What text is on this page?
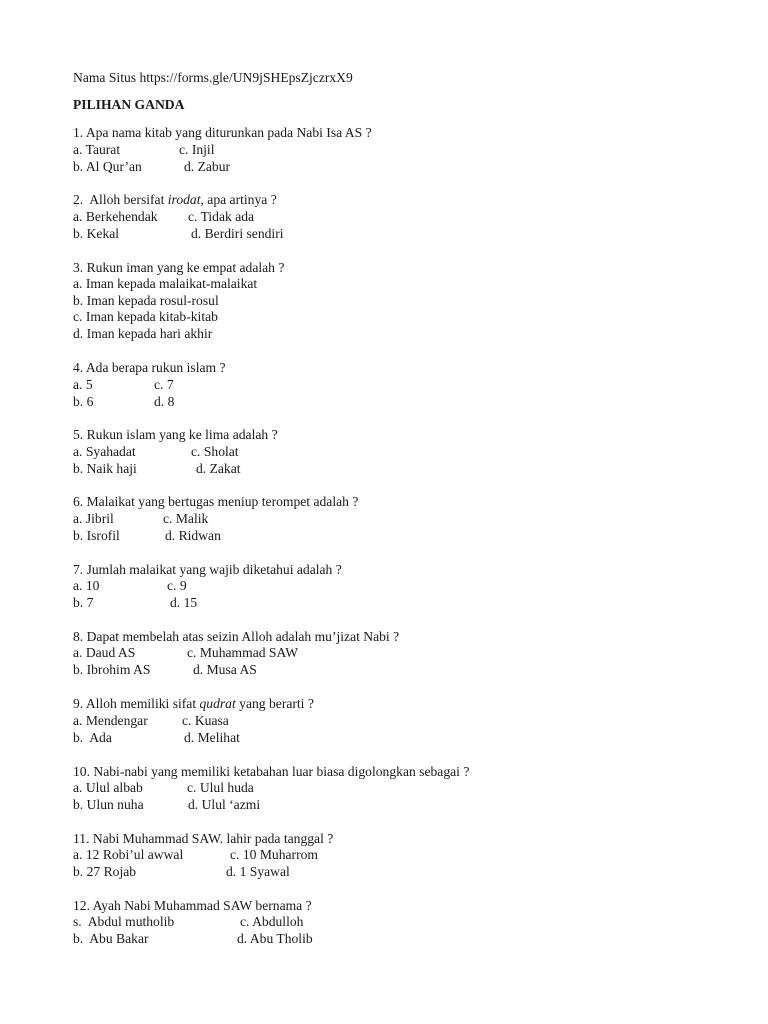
Nama Situs https://forms.gle/UN9jSHEpsZjczrxX9
PILIHAN GANDA
1. Apa nama kitab yang diturunkan pada Nabi Isa AS ?
a. Taurat	c. Injil
b. Al Qur’an	d. Zabur
2.  Alloh bersifat irodat, apa artinya ?
a. Berkehendak c. Tidak ada
b. Kekal	d. Berdiri sendiri
3. Rukun iman yang ke empat adalah ?
a. Iman kepada malaikat-malaikat
b. Iman kepada rosul-rosul
c. Iman kepada kitab-kitab
d. Iman kepada hari akhir
4. Ada berapa rukun islam ?
a. 5	c. 7
b. 6	d. 8
5. Rukun islam yang ke lima adalah ?
a. Syahadat	c. Sholat
b. Naik haji	d. Zakat
6. Malaikat yang bertugas meniup terompet adalah ?
a. Jibril	c. Malik
b. Isrofil	d. Ridwan
7. Jumlah malaikat yang wajib diketahui adalah ?
a. 10	c. 9
b. 7	d. 15
8. Dapat membelah atas seizin Alloh adalah mu’jizat Nabi ?
a. Daud AS	c. Muhammad SAW
b. Ibrohim AS	d. Musa AS
9. Alloh memiliki sifat qudrat yang berarti ?
a. Mendengar	c. Kuasa
b.  Ada	d. Melihat
10. Nabi-nabi yang memiliki ketabahan luar biasa digolongkan sebagai ?
a. Ulul albab	c. Ulul huda
b. Ulun nuha	d. Ulul ‘azmi
11. Nabi Muhammad SAW. lahir pada tanggal ?
a. 12 Robi’ul awwal	c. 10 Muharrom
b. 27 Rojab	d. 1 Syawal
12. Ayah Nabi Muhammad SAW bernama ?
s.  Abdul mutholib	c. Abdulloh
b.  Abu Bakar	d. Abu Tholib
